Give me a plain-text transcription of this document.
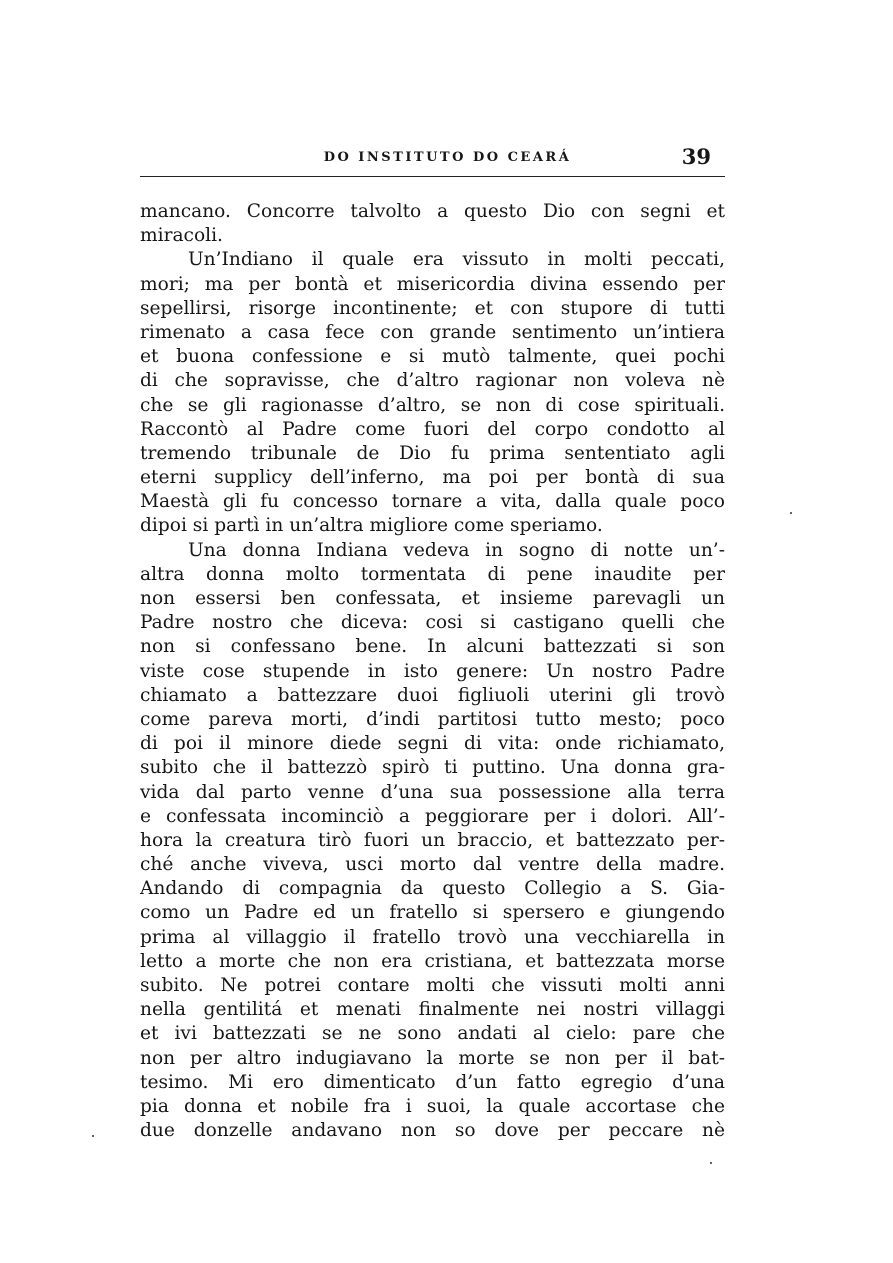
DO INSTITUTO DO CEARÁ	39
mancano. Concorre talvolto a questo Dio con segni et
miracoli.
Un’Indiano il quale era vissuto in molti peccati,
mori; ma per bontà et misericordia divina essendo per
sepellirsi, risorge incontinente; et con stupore di tutti
rimenato a casa fece con grande sentimento un’intiera
et buona confessione e si mutò talmente, quei pochi
di che sopravisse, che d’altro ragionar non voleva nè
che se gli ragionasse d’altro, se non di cose spirituali.
Raccontò al Padre come fuori del corpo condotto al
tremendo tribunale de Dio fu prima sententiato agli
eterni supplicy dell’inferno, ma poi per bontà di sua
Maestà gli fu concesso tornare a vita, dalla quale poco
dipoi si partì in un’altra migliore come speriamo.
Una donna Indiana vedeva in sogno di notte un’-
altra donna molto tormentata di pene inaudite per
non essersi ben confessata, et insieme parevagli un
Padre nostro che diceva: cosi si castigano quelli che
non si confessano bene. In alcuni battezzati si son
viste cose stupende in isto genere: Un nostro Padre
chiamato a battezzare duoi figliuoli uterini gli trovò
come pareva morti, d’indi partitosi tutto mesto; poco
di poi il minore diede segni di vita: onde richiamato,
subito che il battezzò spirò ti puttino. Una donna gra-
vida dal parto venne d’una sua possessione alla terra
e confessata incominciò a peggiorare per i dolori. All’-
hora la creatura tirò fuori un braccio, et battezzato per-
ché anche viveva, usci morto dal ventre della madre.
Andando di compagnia da questo Collegio a S. Gia-
como un Padre ed un fratello si spersero e giungendo
prima al villaggio il fratello trovò una vecchiarella in
letto a morte che non era cristiana, et battezzata morse
subito. Ne potrei contare molti che vissuti molti anni
nella gentilitá et menati finalmente nei nostri villaggi
et ivi battezzati se ne sono andati al cielo: pare che
non per altro indugiavano la morte se non per il bat-
tesimo. Mi ero dimenticato d’un fatto egregio d’una
pia donna et nobile fra i suoi, la quale accortase che
due donzelle andavano non so dove per peccare nè
